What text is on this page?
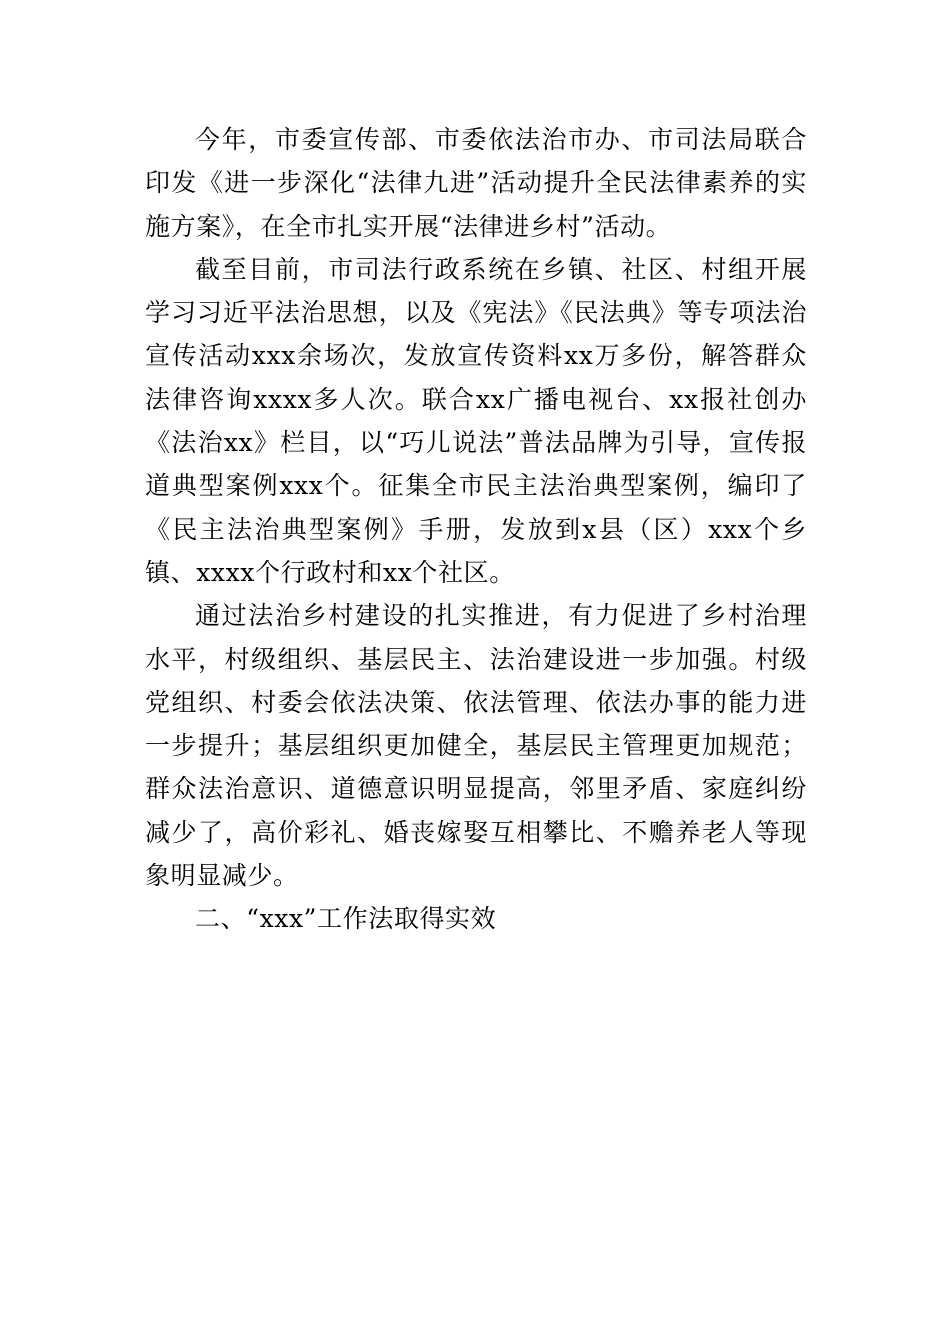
今年，市委宣传部、市委依法治市办、市司法局联合印发《进一步深化“法律九进”活动提升全民法律素养的实施方案》，在全市扎实开展“法律进乡村”活动。

截至目前，市司法行政系统在乡镇、社区、村组开展学习习近平法治思想，以及《宪法》《民法典》等专项法治宣传活动xxx余场次，发放宣传资料xx万多份，解答群众法律咨询xxxx多人次。联合xx广播电视台、xx报社创办《法治xx》栏目，以“巧儿说法”普法品牌为引导，宣传报道典型案例xxx个。征集全市民主法治典型案例，编印了《民主法治典型案例》手册，发放到x县（区）xxx个乡镇、xxxx个行政村和xx个社区。

通过法治乡村建设的扎实推进，有力促进了乡村治理水平，村级组织、基层民主、法治建设进一步加强。村级党组织、村委会依法决策、依法管理、依法办事的能力进一步提升；基层组织更加健全，基层民主管理更加规范；群众法治意识、道德意识明显提高，邻里矛盾、家庭纠纷减少了，高价彩礼、婚丧嫁娶互相攀比、不赡养老人等现象明显减少。

二、“xxx”工作法取得实效
